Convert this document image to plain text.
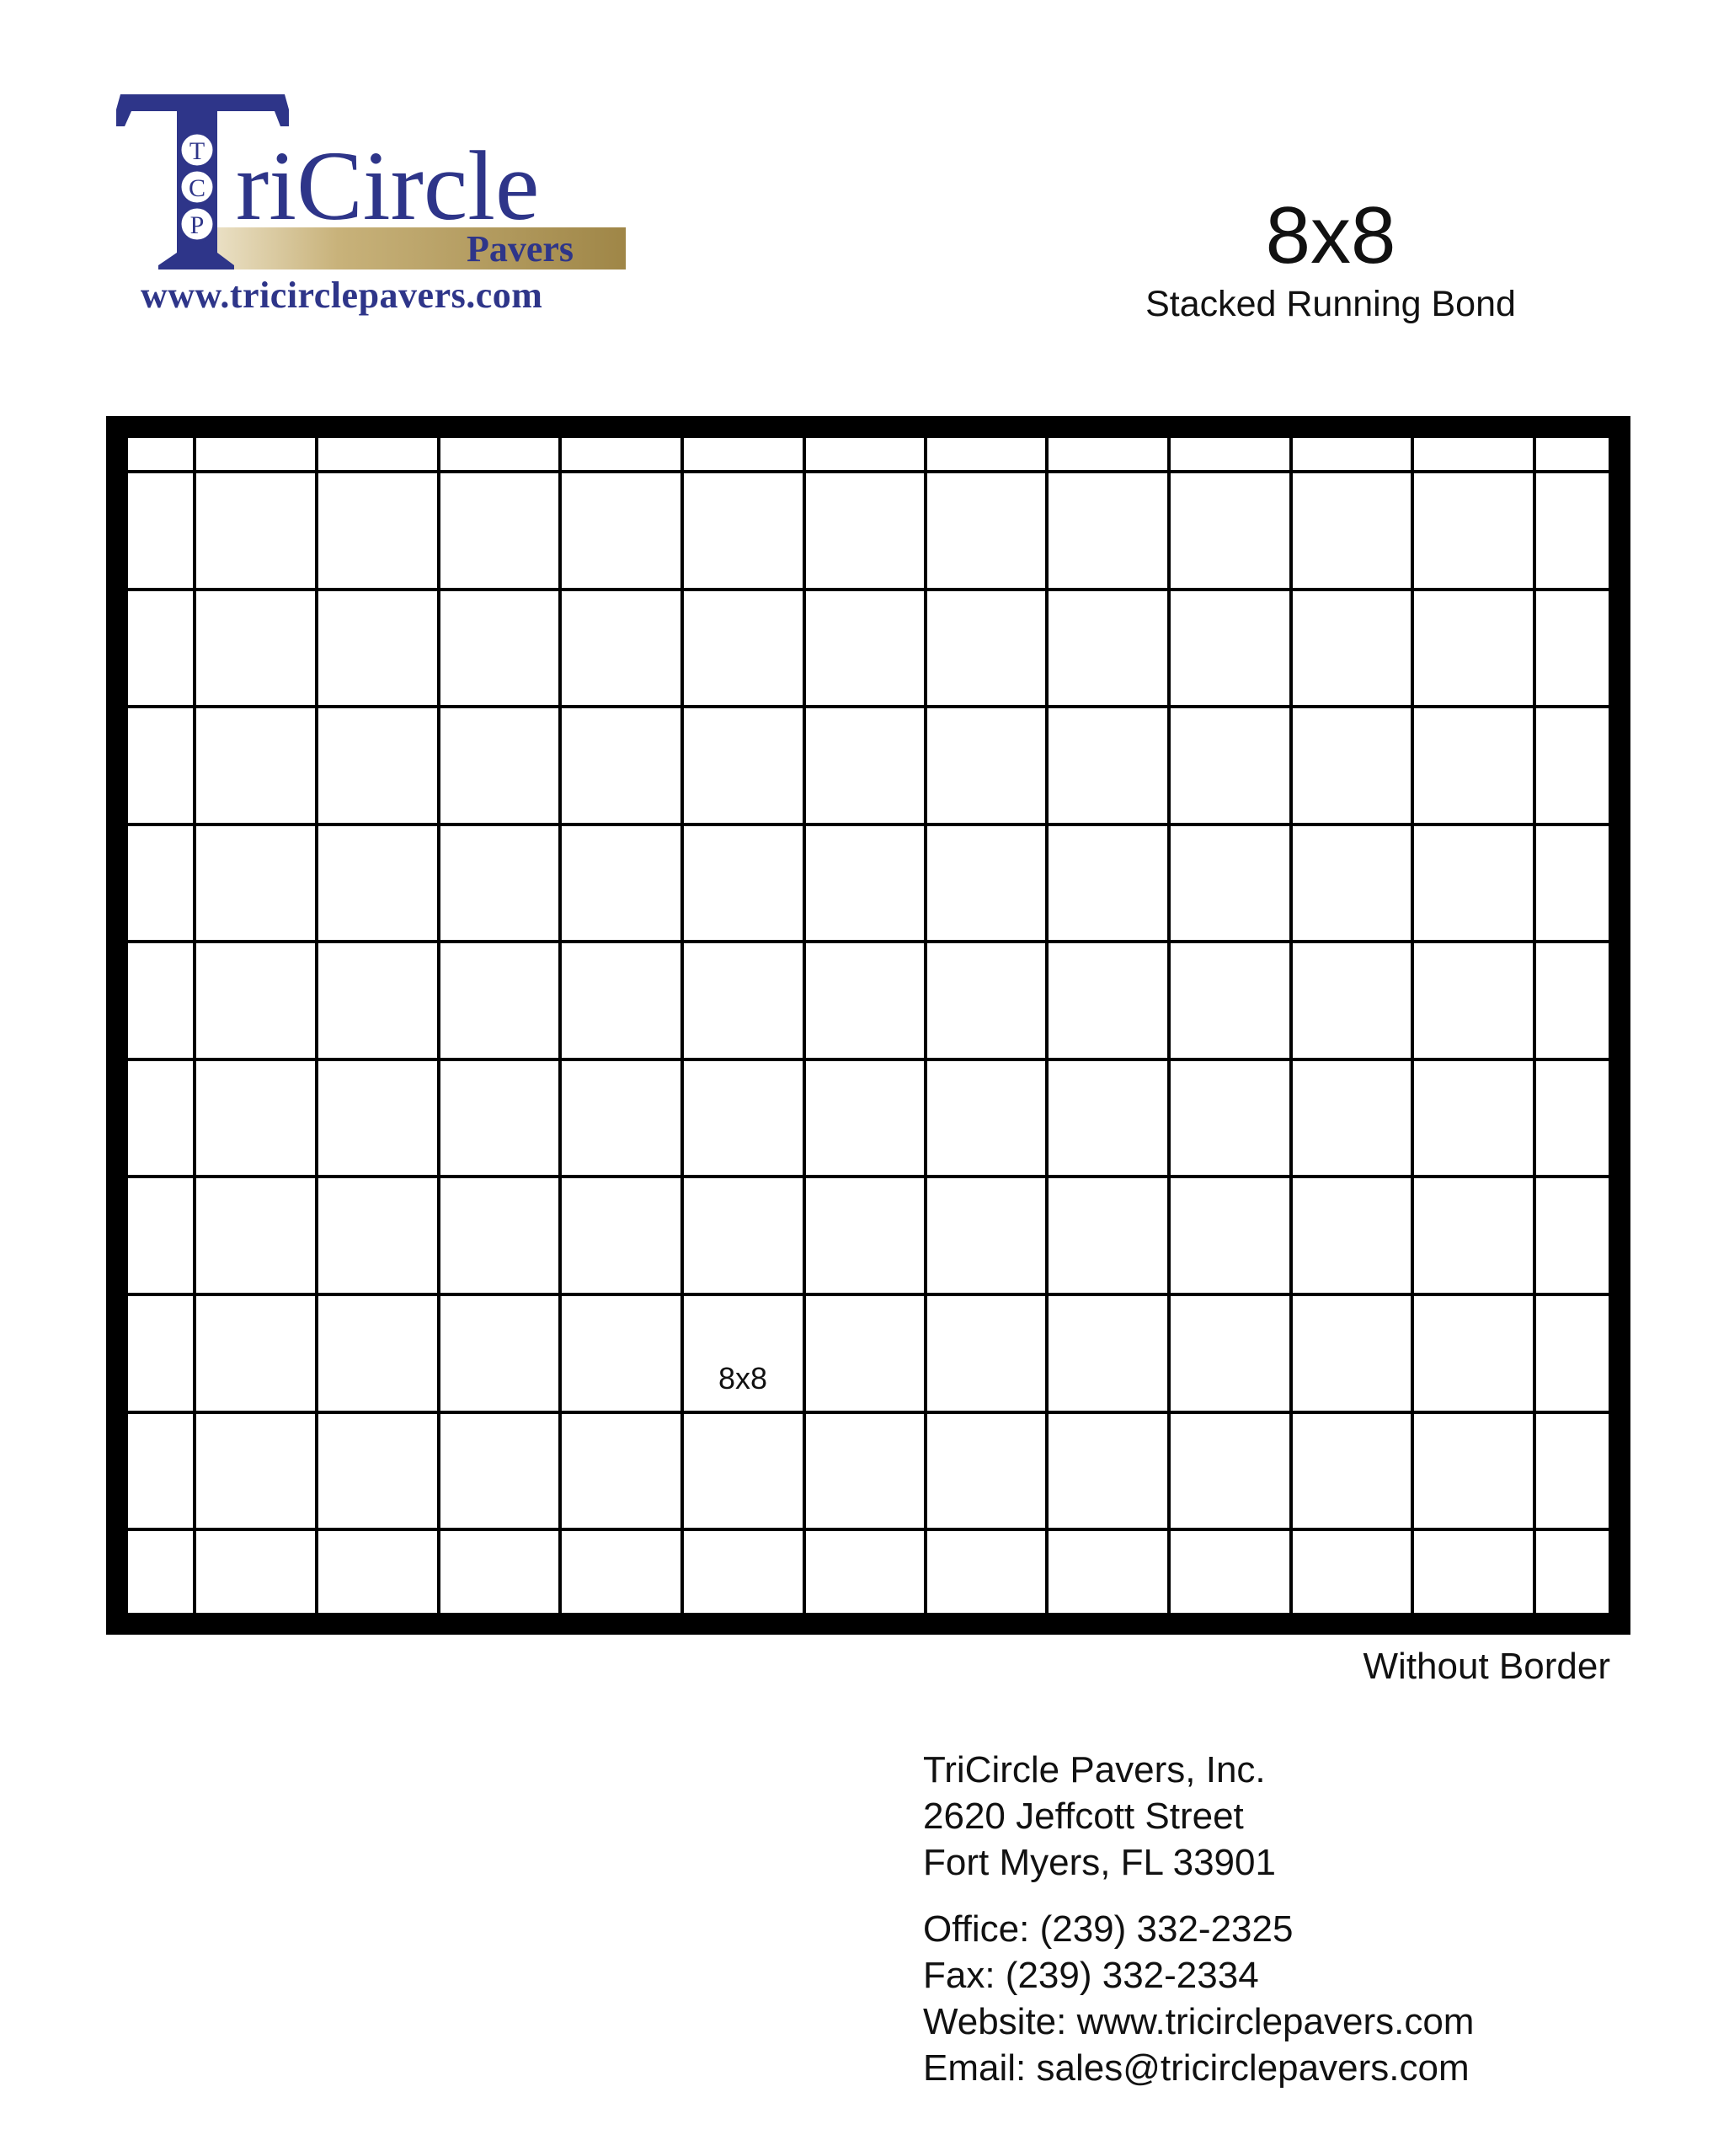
T
C
P riCircle
Pavers
www.tricirclepavers.com
8x8
Stacked Running Bond
8x8
Without Border
TriCircle Pavers, Inc.
2620 Jeffcott Street
Fort Myers, FL 33901
Office: (239) 332-2325
Fax: (239) 332-2334
Website: www.tricirclepavers.com
Email: sales@tricirclepavers.com
